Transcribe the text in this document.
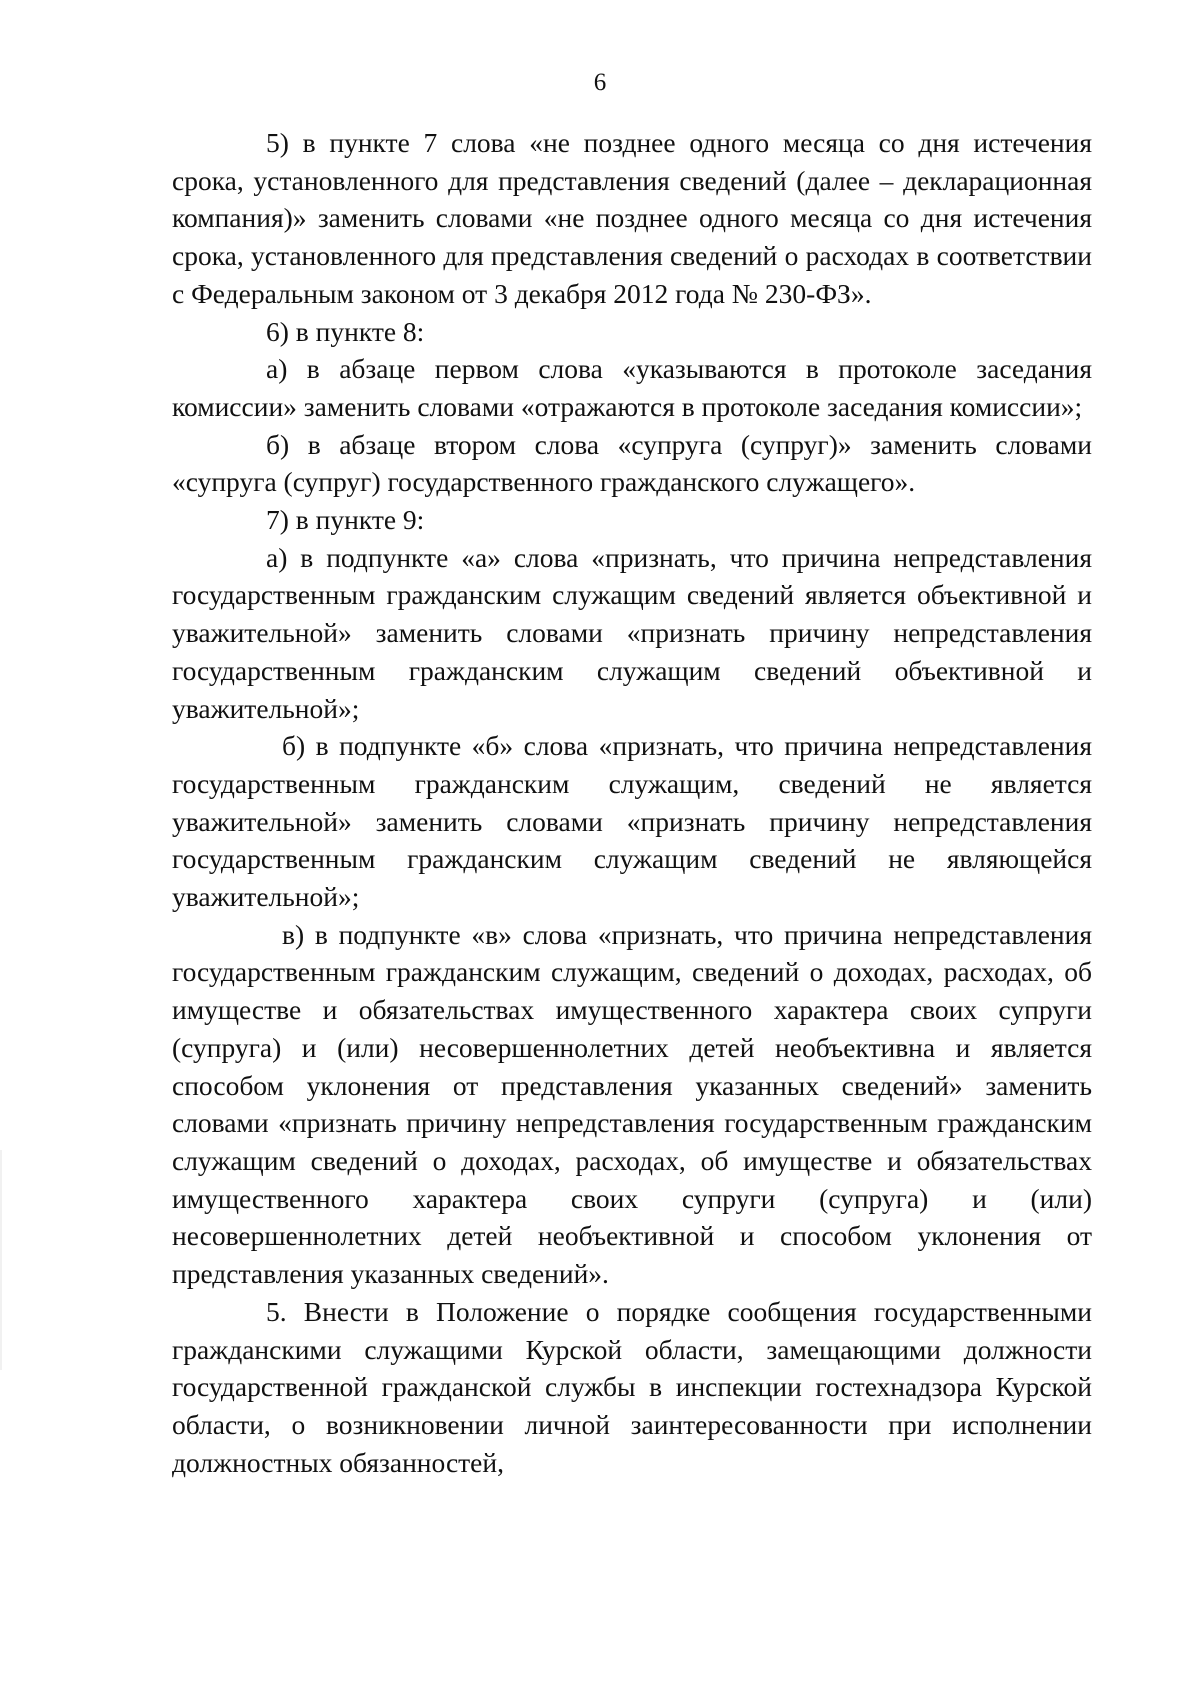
6

5) в пункте 7 слова «не позднее одного месяца со дня истечения срока, установленного для представления сведений (далее – декларационная компания)» заменить словами «не позднее одного месяца со дня истечения срока, установленного для представления сведений о расходах в соответствии с Федеральным законом от 3 декабря 2012 года № 230-ФЗ».

6) в пункте 8:

а) в абзаце первом слова «указываются в протоколе заседания комиссии» заменить словами «отражаются в протоколе заседания комиссии»;

б) в абзаце втором слова «супруга (супруг)» заменить словами «супруга (супруг) государственного гражданского служащего».

7) в пункте 9:

а) в подпункте «а» слова «признать, что причина непредставления государственным гражданским служащим сведений является объективной и уважительной» заменить словами «признать причину непредставления государственным гражданским служащим сведений объективной и уважительной»;

б) в подпункте «б» слова «признать, что причина непредставления государственным гражданским служащим, сведений не является уважительной» заменить словами «признать причину непредставления государственным гражданским служащим сведений не являющейся уважительной»;

в) в подпункте «в» слова «признать, что причина непредставления государственным гражданским служащим, сведений о доходах, расходах, об имуществе и обязательствах имущественного характера своих супруги (супруга) и (или) несовершеннолетних детей необъективна и является способом уклонения от представления указанных сведений» заменить словами «признать причину непредставления государственным гражданским служащим сведений о доходах, расходах, об имуществе и обязательствах имущественного характера своих супруги (супруга) и (или) несовершеннолетних детей необъективной и способом уклонения от представления указанных сведений».

5. Внести в Положение о порядке сообщения государственными гражданскими служащими Курской области, замещающими должности государственной гражданской службы в инспекции гостехнадзора Курской области, о возникновении личной заинтересованности при исполнении должностных обязанностей,
